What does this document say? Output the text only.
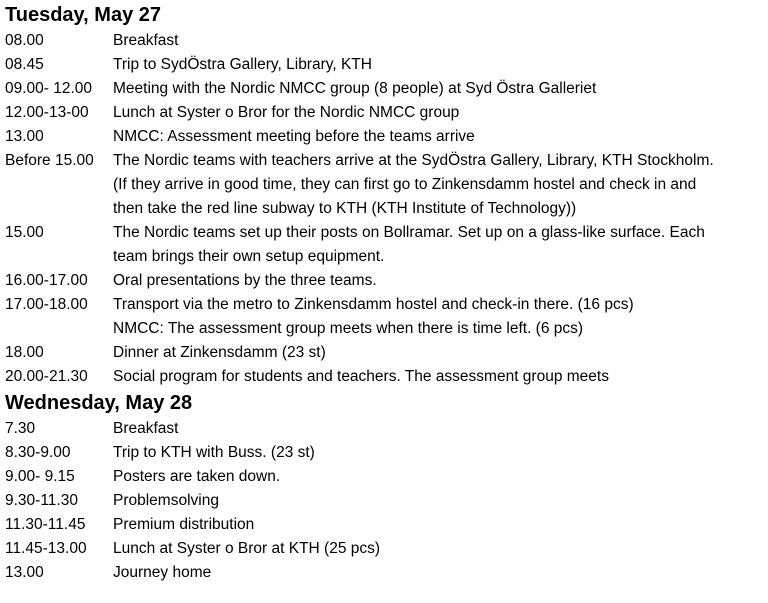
Tuesday, May 27
08.00	Breakfast
08.45	Trip to SydÖstra Gallery, Library, KTH
09.00- 12.00 Meeting with the Nordic NMCC group (8 people) at Syd Östra Galleriet
12.00-13-00 Lunch at Syster o Bror for the Nordic NMCC group
13.00	NMCC: Assessment meeting before the teams arrive
Before 15.00 The Nordic teams with teachers arrive at the SydÖstra Gallery, Library, KTH Stockholm.
(If they arrive in good time, they can first go to Zinkensdamm hostel and check in and
then take the red line subway to KTH (KTH Institute of Technology))
15.00	The Nordic teams set up their posts on Bollramar. Set up on a glass-like surface. Each
team brings their own setup equipment.
16.00-17.00 Oral presentations by the three teams.
17.00-18.00 Transport via the metro to Zinkensdamm hostel and check-in there. (16 pcs)
NMCC: The assessment group meets when there is time left. (6 pcs)
18.00	Dinner at Zinkensdamm (23 st)
20.00-21.30 Social program for students and teachers. The assessment group meets
Wednesday, May 28
7.30	Breakfast
8.30-9.00	Trip to KTH with Buss. (23 st)
9.00- 9.15 Posters are taken down.
9.30-11.30 Problemsolving
11.30-11.45 Premium distribution
11.45-13.00 Lunch at Syster o Bror at KTH (25 pcs)
13.00	Journey home
